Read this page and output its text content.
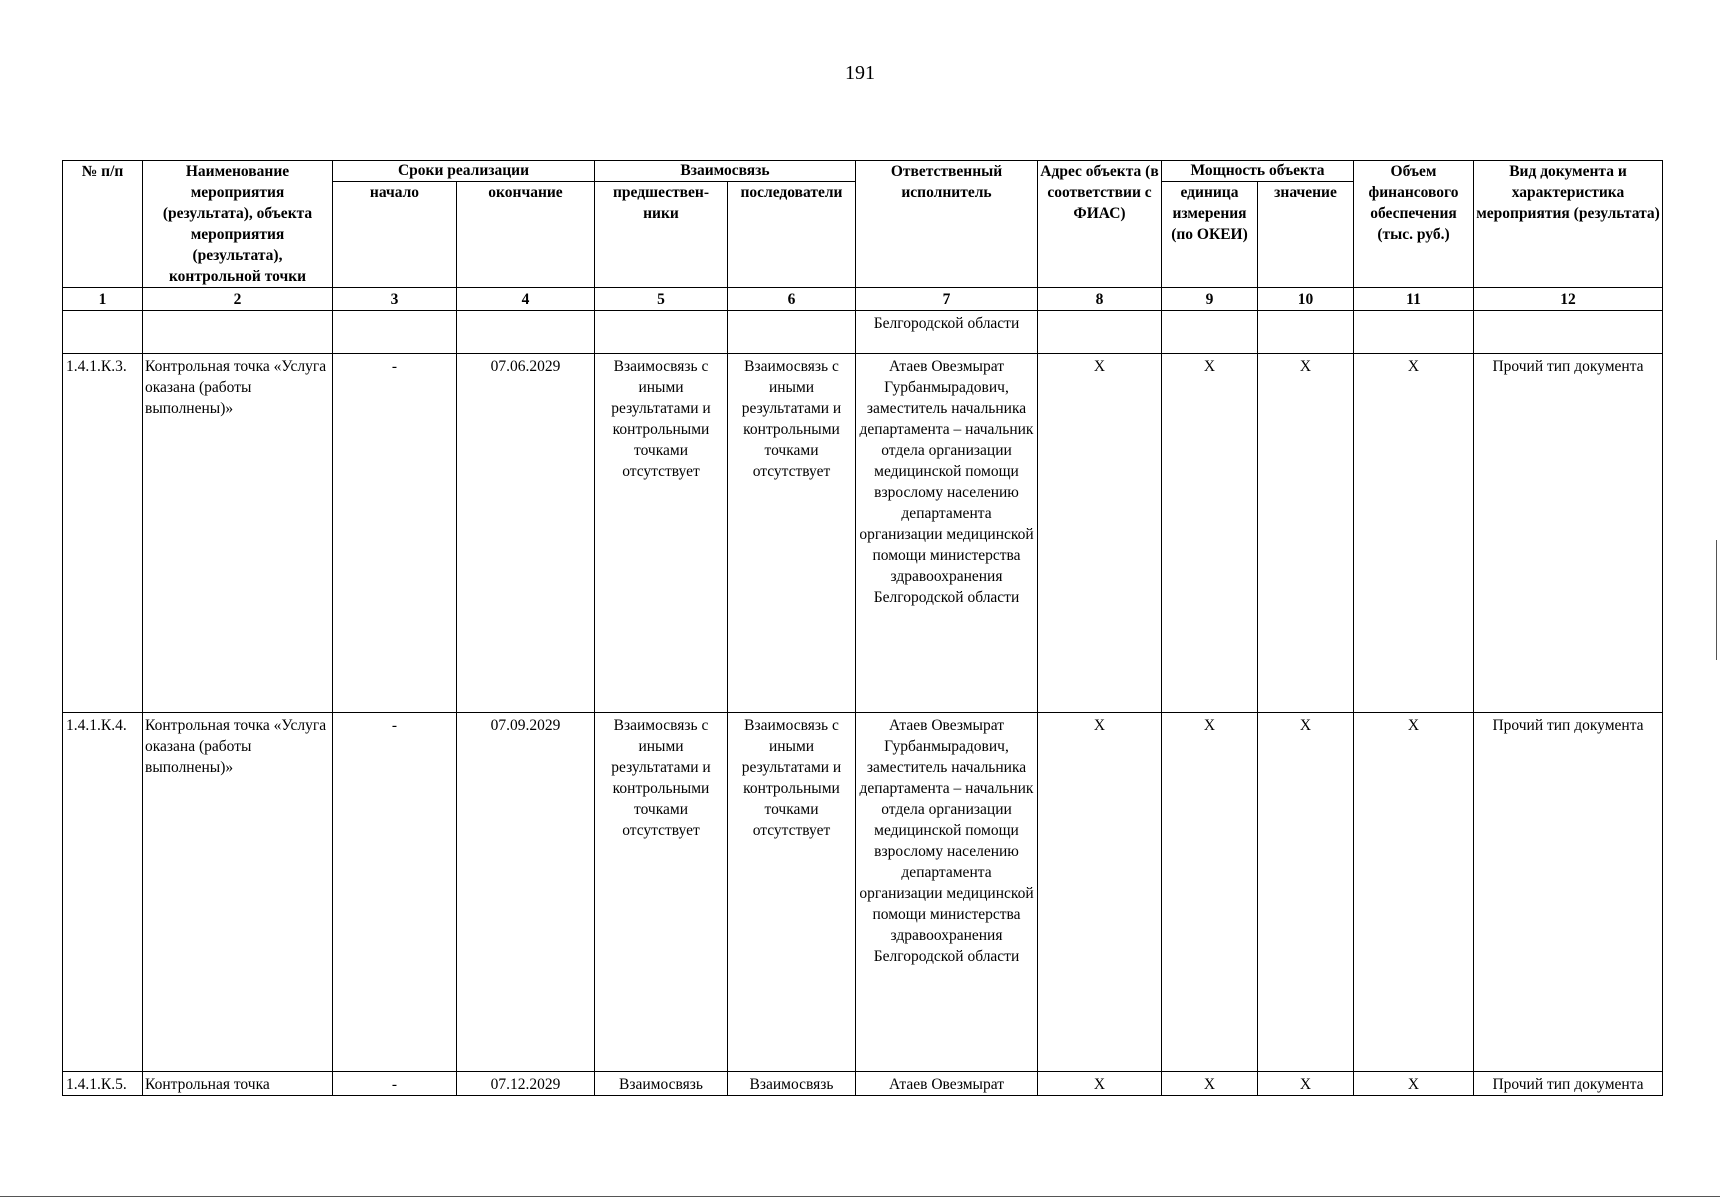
191
№ п/п	Наименование мероприятия (результата), объекта мероприятия (результата), контрольной точки	Сроки реализации		Взаимосвязь		Ответственный исполнитель	Адрес объекта (в соответствии с ФИАС)	Мощность объекта		Объем финансового обеспечения (тыс. руб.)	Вид документа и характеристика мероприятия (результата)
		начало	окончание	предшествен-ники	последователи			единица измерения (по ОКЕИ)	значение		
1	2	3	4	5	6	7	8	9	10	11	12
						Белгородской области					
1.4.1.К.3.	Контрольная точка «Услуга оказана (работы выполнены)»	-	07.06.2029	Взаимосвязь с иными результатами и контрольными точками отсутствует	Взаимосвязь с иными результатами и контрольными точками отсутствует	Атаев Овезмырат Гурбанмырадович, заместитель начальника департамента – начальник отдела организации медицинской помощи взрослому населению департамента организации медицинской помощи министерства здравоохранения Белгородской области	Х	Х	Х	Х	Прочий тип документа
1.4.1.К.4.	Контрольная точка «Услуга оказана (работы выполнены)»	-	07.09.2029	Взаимосвязь с иными результатами и контрольными точками отсутствует	Взаимосвязь с иными результатами и контрольными точками отсутствует	Атаев Овезмырат Гурбанмырадович, заместитель начальника департамента – начальник отдела организации медицинской помощи взрослому населению департамента организации медицинской помощи министерства здравоохранения Белгородской области	Х	Х	Х	Х	Прочий тип документа
1.4.1.К.5.	Контрольная точка	-	07.12.2029	Взаимосвязь	Взаимосвязь	Атаев Овезмырат	Х	Х	Х	Х	Прочий тип документа
